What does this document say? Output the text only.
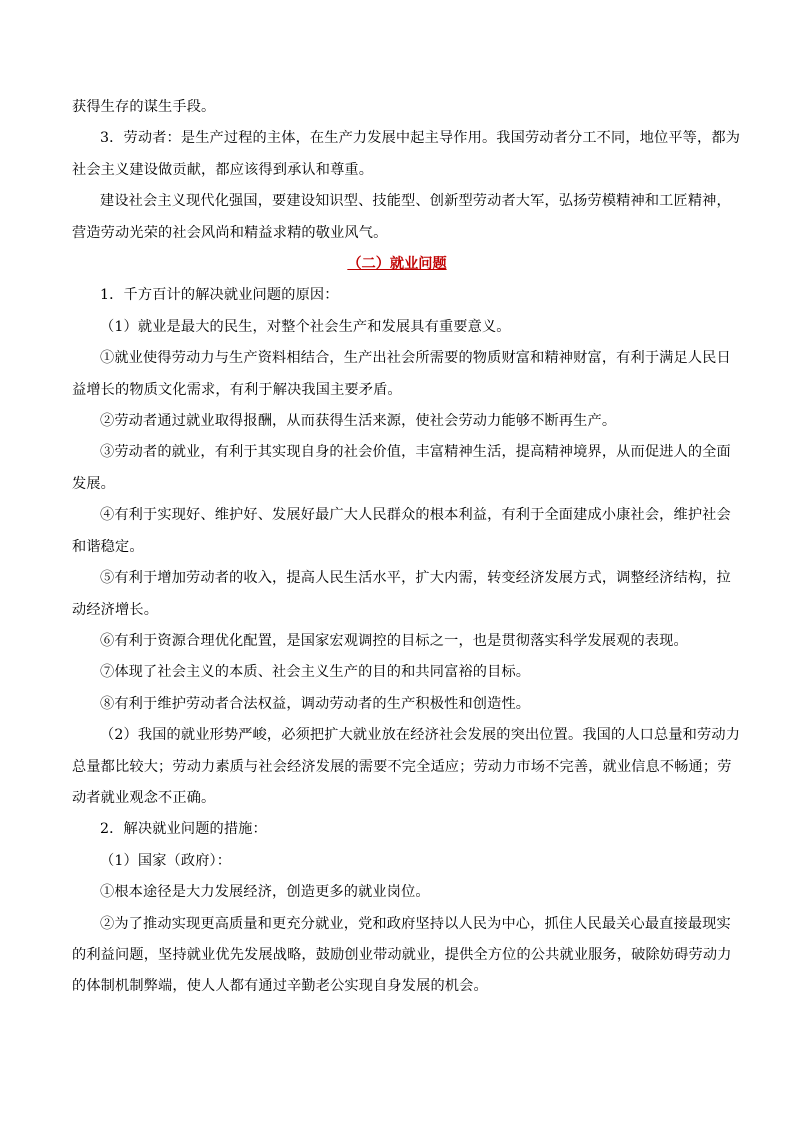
获得生存的谋生手段。
3．劳动者：是生产过程的主体，在生产力发展中起主导作用。我国劳动者分工不同，地位平等，都为
社会主义建设做贡献，都应该得到承认和尊重。
建设社会主义现代化强国，要建设知识型、技能型、创新型劳动者大军，弘扬劳模精神和工匠精神，
营造劳动光荣的社会风尚和精益求精的敬业风气。
（二）就业问题
1．千方百计的解决就业问题的原因：
（1）就业是最大的民生，对整个社会生产和发展具有重要意义。
①就业使得劳动力与生产资料相结合，生产出社会所需要的物质财富和精神财富，有利于满足人民日
益增长的物质文化需求，有利于解决我国主要矛盾。
②劳动者通过就业取得报酬，从而获得生活来源，使社会劳动力能够不断再生产。
③劳动者的就业，有利于其实现自身的社会价值，丰富精神生活，提高精神境界，从而促进人的全面
发展。
④有利于实现好、维护好、发展好最广大人民群众的根本利益，有利于全面建成小康社会，维护社会
和谐稳定。
⑤有利于增加劳动者的收入，提高人民生活水平，扩大内需，转变经济发展方式，调整经济结构，拉
动经济增长。
⑥有利于资源合理优化配置，是国家宏观调控的目标之一，也是贯彻落实科学发展观的表现。
⑦体现了社会主义的本质、社会主义生产的目的和共同富裕的目标。
⑧有利于维护劳动者合法权益，调动劳动者的生产积极性和创造性。
（2）我国的就业形势严峻，必须把扩大就业放在经济社会发展的突出位置。我国的人口总量和劳动力
总量都比较大；劳动力素质与社会经济发展的需要不完全适应；劳动力市场不完善，就业信息不畅通；劳
动者就业观念不正确。
2．解决就业问题的措施：
（1）国家（政府）：
①根本途径是大力发展经济，创造更多的就业岗位。
②为了推动实现更高质量和更充分就业，党和政府坚持以人民为中心，抓住人民最关心最直接最现实
的利益问题，坚持就业优先发展战略，鼓励创业带动就业，提供全方位的公共就业服务，破除妨碍劳动力
的体制机制弊端，使人人都有通过辛勤老公实现自身发展的机会。
